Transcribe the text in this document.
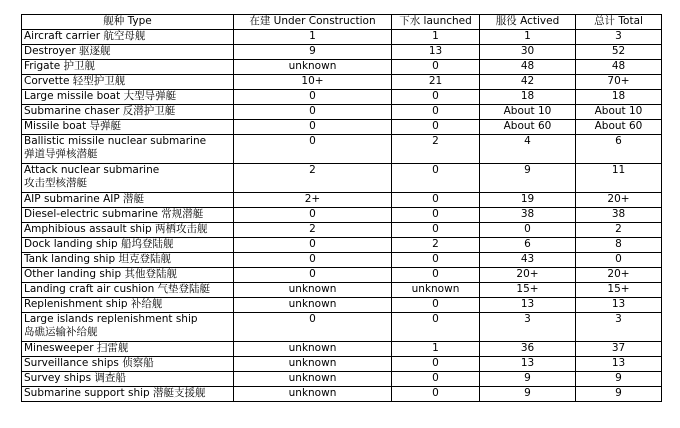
舰种 Type	在建 Under Construction	下水 launched	服役 Actived	总计 Total

Aircraft carrier 航空母舰	1	1	1	3

Destroyer 驱逐舰	9	13	30	52

Frigate 护卫舰	unknown	0	48	48

Corvette 轻型护卫舰	10+	21	42	70+

Large missile boat 大型导弹艇	0	0	18	18

Submarine chaser 反潜护卫艇	0	0	About 10	About 10

Missile boat 导弹艇	0	0	About 60	About 60

Ballistic missile nuclear submarine
弹道导弹核潜艇	0	2	4	6

Attack nuclear submarine
攻击型核潜艇	2	0	9	11

AIP submarine AIP 潜艇	2+	0	19	20+

Diesel-electric submarine 常规潜艇	0	0	38	38

Amphibious assault ship 两栖攻击舰	2	0	0	2

Dock landing ship 船坞登陆舰	0	2	6	8

Tank landing ship 坦克登陆舰	0	0	43	0

Other landing ship 其他登陆舰	0	0	20+	20+

Landing craft air cushion 气垫登陆艇	unknown	unknown	15+	15+

Replenishment ship 补给舰	unknown	0	13	13

Large islands replenishment ship
岛礁运输补给舰	0	0	3	3

Minesweeper 扫雷舰	unknown	1	36	37

Surveillance ships 侦察船	unknown	0	13	13

Survey ships 调查船	unknown	0	9	9

Submarine support ship 潜艇支援舰	unknown	0	9	9
